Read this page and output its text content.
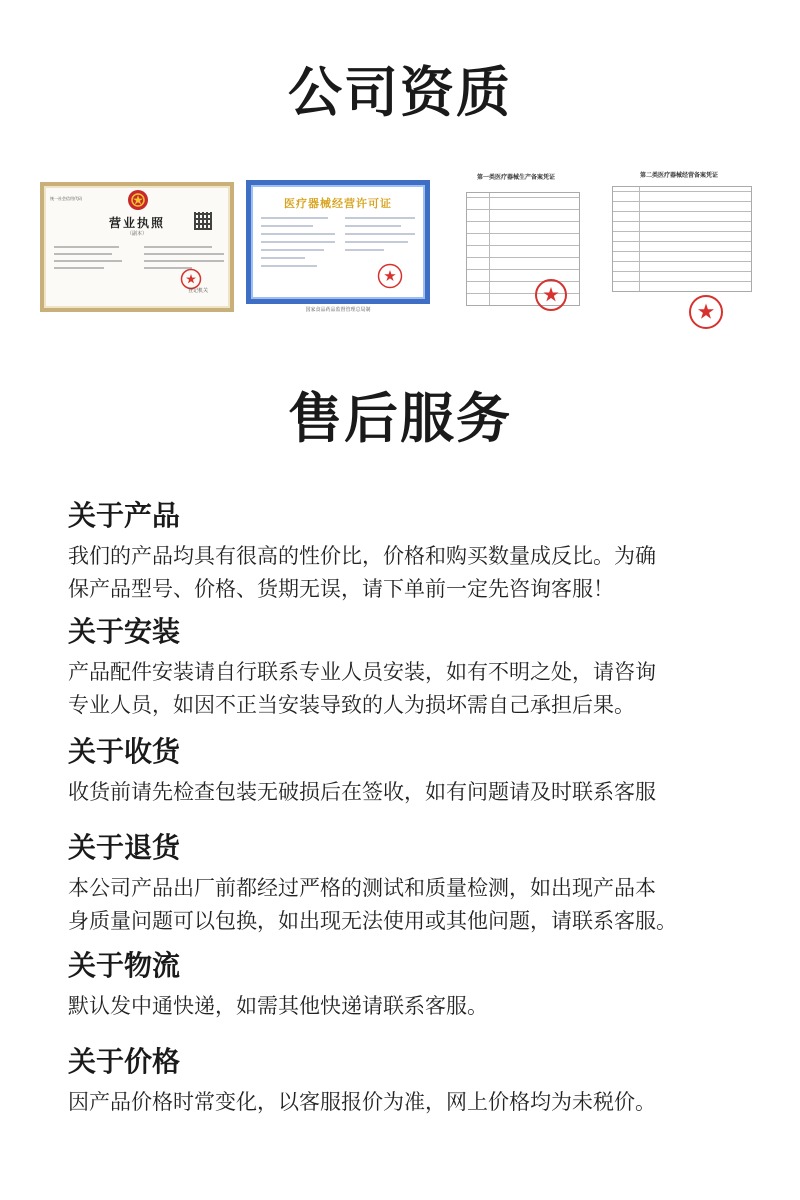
公司资质
统一社会信用代码
营业执照
（副本）
登记机关
医疗器械经营许可证
国家食品药品监督管理总局制
第一类医疗器械生产备案凭证	第二类医疗器械经营备案凭证
售后服务
关于产品
我们的产品均具有很高的性价比，价格和购买数量成反比。为确
保产品型号、价格、货期无误，请下单前一定先咨询客服！
关于安装
产品配件安装请自行联系专业人员安装，如有不明之处，请咨询
专业人员，如因不正当安装导致的人为损坏需自己承担后果。
关于收货
收货前请先检查包装无破损后在签收，如有问题请及时联系客服
关于退货
本公司产品出厂前都经过严格的测试和质量检测，如出现产品本
身质量问题可以包换，如出现无法使用或其他问题，请联系客服。
关于物流
默认发中通快递，如需其他快递请联系客服。
关于价格
因产品价格时常变化，以客服报价为准，网上价格均为未税价。
